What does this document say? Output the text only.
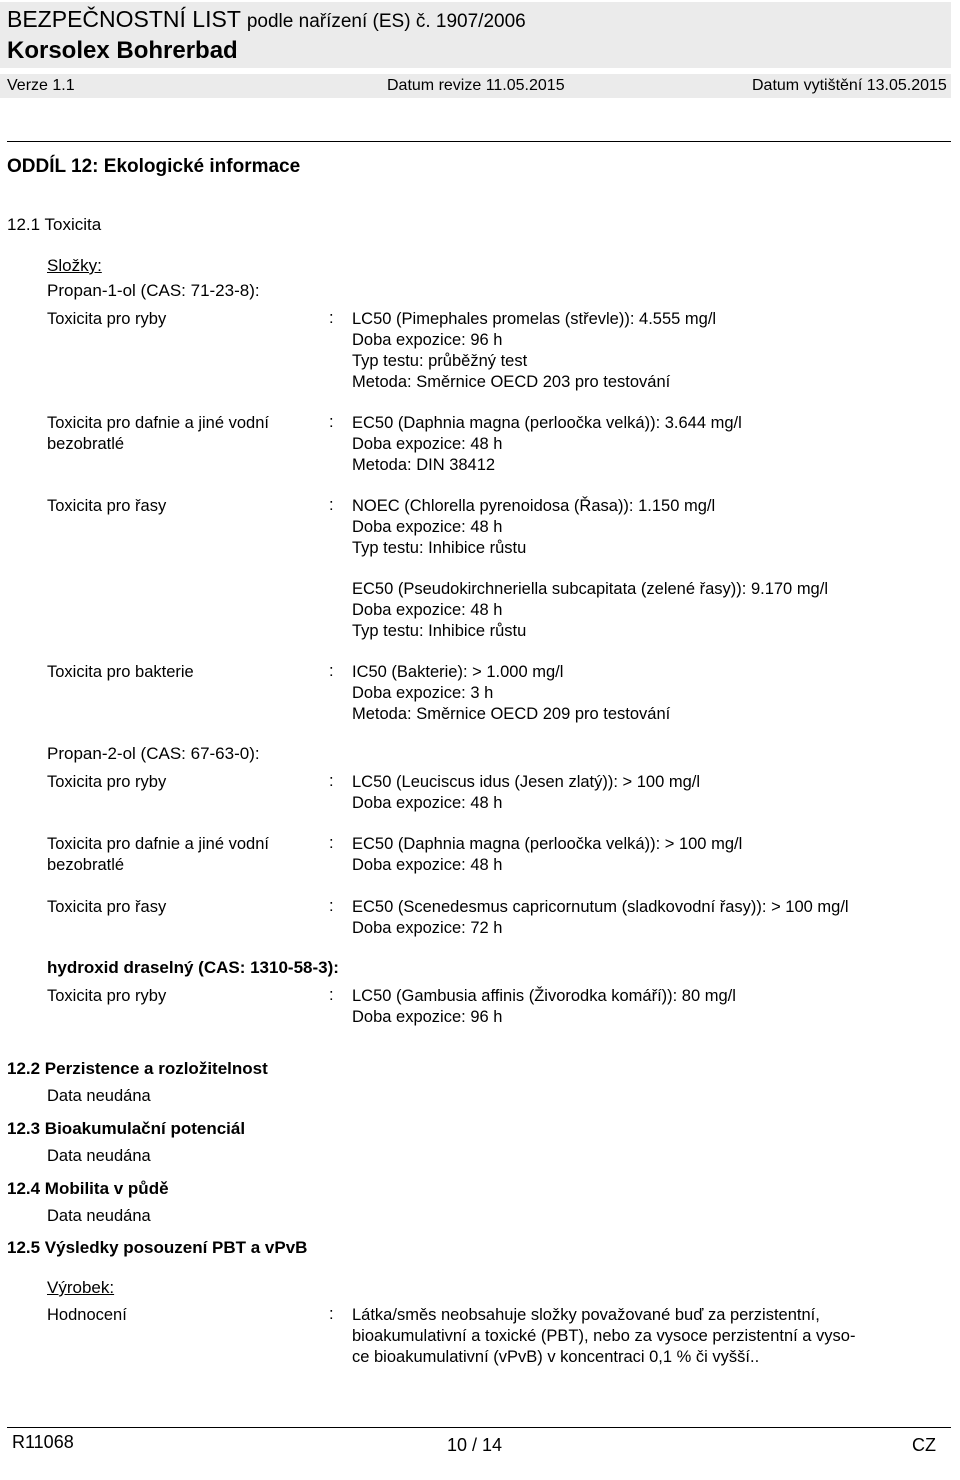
BEZPEČNOSTNÍ LIST podle nařízení (ES) č. 1907/2006
Korsolex Bohrerbad
Verze 1.1	Datum revize 11.05.2015	Datum vytištění 13.05.2015
ODDÍL 12: Ekologické informace
12.1 Toxicita
Složky:
Propan-1-ol (CAS: 71-23-8):
Toxicita pro ryby	: LC50 (Pimephales promelas (střevle)): 4.555 mg/l
Doba expozice: 96 h
Typ testu: průběžný test
Metoda: Směrnice OECD 203 pro testování
Toxicita pro dafnie a jiné vodní
bezobratlé
: EC50 (Daphnia magna (perloočka velká)): 3.644 mg/l
Doba expozice: 48 h
Metoda: DIN 38412
Toxicita pro řasy	: NOEC (Chlorella pyrenoidosa (Řasa)): 1.150 mg/l
Doba expozice: 48 h
Typ testu: Inhibice růstu
EC50 (Pseudokirchneriella subcapitata (zelené řasy)): 9.170 mg/l
Doba expozice: 48 h
Typ testu: Inhibice růstu
Toxicita pro bakterie	: IC50 (Bakterie): > 1.000 mg/l
Doba expozice: 3 h
Metoda: Směrnice OECD 209 pro testování
Propan-2-ol (CAS: 67-63-0):
Toxicita pro ryby	: LC50 (Leuciscus idus (Jesen zlatý)): > 100 mg/l
Doba expozice: 48 h
Toxicita pro dafnie a jiné vodní
bezobratlé
: EC50 (Daphnia magna (perloočka velká)): > 100 mg/l
Doba expozice: 48 h
Toxicita pro řasy	: EC50 (Scenedesmus capricornutum (sladkovodní řasy)): > 100 mg/l
Doba expozice: 72 h
hydroxid draselný (CAS: 1310-58-3):
Toxicita pro ryby	: LC50 (Gambusia affinis (Živorodka komáří)): 80 mg/l
Doba expozice: 96 h
12.2 Perzistence a rozložitelnost
Data neudána
12.3 Bioakumulační potenciál
Data neudána
12.4 Mobilita v půdě
Data neudána
12.5 Výsledky posouzení PBT a vPvB
Výrobek:
Hodnocení	: Látka/směs neobsahuje složky považované buď za perzistentní,
bioakumulativní a toxické (PBT), nebo za vysoce perzistentní a vyso-
ce bioakumulativní (vPvB) v koncentraci 0,1 % či vyšší..
R11068	10 / 14	CZ
